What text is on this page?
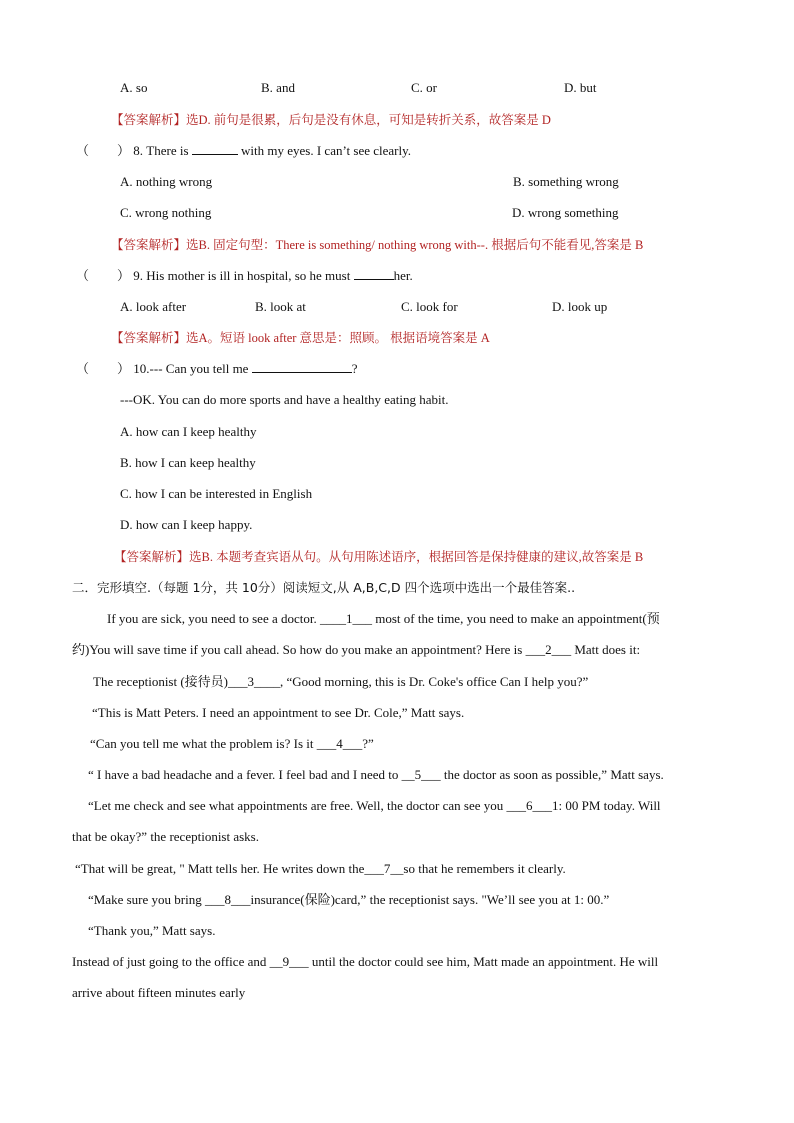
A. so	B. and	C. or	D. but
【答案解析】选D. 前句是很累，后句是没有休息，可知是转折关系，故答案是 D
（ ） 8. There is	with my eyes. I can’t see clearly.
A. nothing wrong	B. something wrong
C. wrong nothing	D. wrong something
【答案解析】选B. 固定句型：There is something/ nothing wrong with--. 根据后句不能看见,答案是 B
（ ） 9. His mother is ill in hospital, so he must	her.
A. look after	B. look at	C. look for	D. look up
【答案解析】选A。短语 look after 意思是：照顾。 根据语境答案是 A
（ ） 10.--- Can you tell me	?
---OK. You can do more sports and have a healthy eating habit.
A. how can I keep healthy
B. how I can keep healthy
C. how I can be interested in English
D. how can I keep happy.
【答案解析】选B. 本题考查宾语从句。从句用陈述语序，根据回答是保持健康的建议,故答案是 B
二．完形填空.（每题 1分，共 10分）阅读短文,从 A,B,C,D 四个选项中选出一个最佳答案..
If you are sick, you need to see a doctor. ____1___ most of the time, you need to make an appointment(预
约)You will save time if you call ahead. So how do you make an appointment? Here is ___2___ Matt does it:
The receptionist (接待员)___3____, “Good morning, this is Dr. Coke's office Can I help you?”
“This is Matt Peters. I need an appointment to see Dr. Cole,” Matt says.
“Can you tell me what the problem is? Is it ___4___?”
“ I have a bad headache and a fever. I feel bad and I need to __5___ the doctor as soon as possible,” Matt says.
“Let me check and see what appointments are free. Well, the doctor can see you ___6___1: 00 PM today. Will
that be okay?” the receptionist asks.
“That will be great, " Matt tells her. He writes down the___7__so that he remembers it clearly.
“Make sure you bring ___8___insurance(保险)card,” the receptionist says. "We’ll see you at 1: 00.”
“Thank you,” Matt says.
Instead of just going to the office and __9___ until the doctor could see him, Matt made an appointment. He will
arrive about fifteen minutes early
